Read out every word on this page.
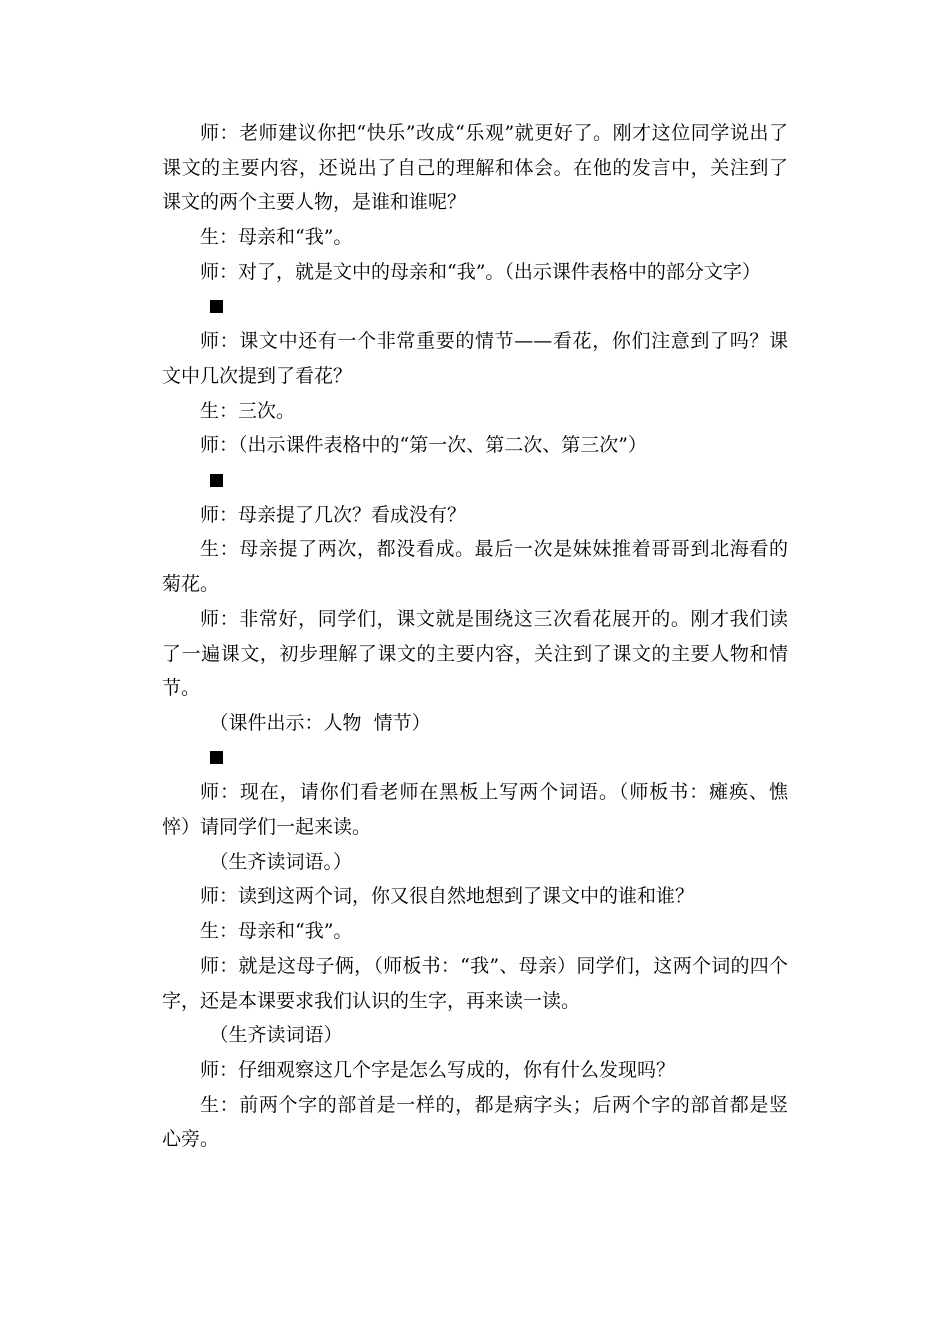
师：老师建议你把“快乐”改成“乐观”就更好了。刚才这位同学说出了课文的主要内容，还说出了自己的理解和体会。在他的发言中，关注到了课文的两个主要人物，是谁和谁呢？

生：母亲和“我”。

师：对了，就是文中的母亲和“我”。（出示课件表格中的部分文字）

师：课文中还有一个非常重要的情节——看花，你们注意到了吗？课文中几次提到了看花？

生：三次。

师：（出示课件表格中的“第一次、第二次、第三次”）

师：母亲提了几次？看成没有？

生：母亲提了两次，都没看成。最后一次是妹妹推着哥哥到北海看的菊花。

师：非常好，同学们，课文就是围绕这三次看花展开的。刚才我们读了一遍课文，初步理解了课文的主要内容，关注到了课文的主要人物和情节。

（课件出示：人物  情节）

师：现在，请你们看老师在黑板上写两个词语。（师板书：瘫痪、憔悴）请同学们一起来读。

（生齐读词语。）

师：读到这两个词，你又很自然地想到了课文中的谁和谁？

生：母亲和“我”。

师：就是这母子俩，（师板书：“我”、母亲）同学们，这两个词的四个字，还是本课要求我们认识的生字，再来读一读。

（生齐读词语）

师：仔细观察这几个字是怎么写成的，你有什么发现吗？

生：前两个字的部首是一样的，都是病字头；后两个字的部首都是竖心旁。
